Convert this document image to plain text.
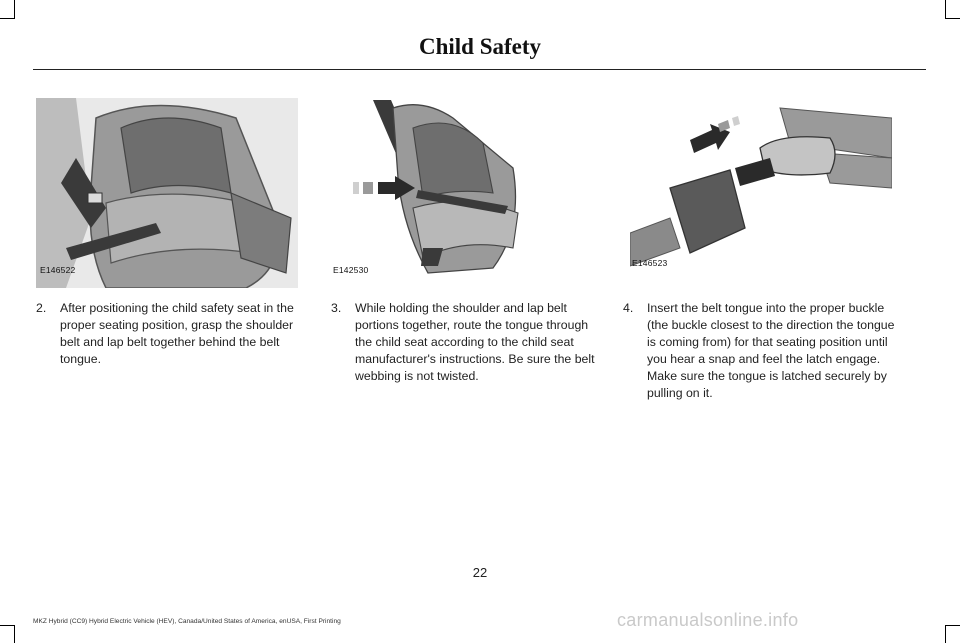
Child Safety
E146522	E142530
E146523
2.	After positioning the child safety seat in the proper seating position, grasp the shoulder belt and lap belt together behind the belt tongue.
3.	While holding the shoulder and lap belt portions together, route the tongue through the child seat according to the child seat manufacturer's instructions. Be sure the belt webbing is not twisted.
4.	Insert the belt tongue into the proper buckle (the buckle closest to the direction the tongue is coming from) for that seating position until you hear a snap and feel the latch engage. Make sure the tongue is latched securely by pulling on it.
22
MKZ Hybrid (CC9) Hybrid Electric Vehicle (HEV), Canada/United States of America, enUSA, First Printing	carmanualsonline.info
